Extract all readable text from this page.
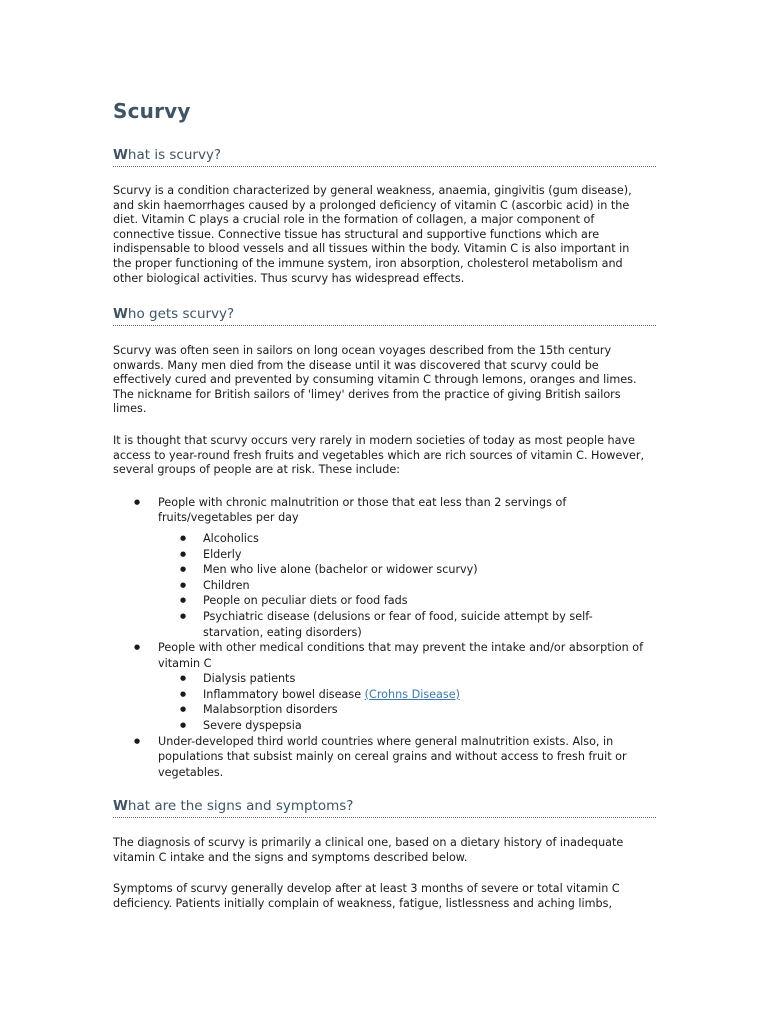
Scurvy
What is scurvy?

Scurvy is a condition characterized by general weakness, anaemia, gingivitis (gum disease), and skin haemorrhages caused by a prolonged deficiency of vitamin C (ascorbic acid) in the diet. Vitamin C plays a crucial role in the formation of collagen, a major component of connective tissue. Connective tissue has structural and supportive functions which are indispensable to blood vessels and all tissues within the body. Vitamin C is also important in the proper functioning of the immune system, iron absorption, cholesterol metabolism and other biological activities. Thus scurvy has widespread effects.

Who gets scurvy?

Scurvy was often seen in sailors on long ocean voyages described from the 15th century onwards. Many men died from the disease until it was discovered that scurvy could be effectively cured and prevented by consuming vitamin C through lemons, oranges and limes. The nickname for British sailors of 'limey' derives from the practice of giving British sailors limes.

It is thought that scurvy occurs very rarely in modern societies of today as most people have access to year-round fresh fruits and vegetables which are rich sources of vitamin C. However, several groups of people are at risk. These include:

● People with chronic malnutrition or those that eat less than 2 servings of fruits/vegetables per day
● Alcoholics
● Elderly
● Men who live alone (bachelor or widower scurvy)
● Children
● People on peculiar diets or food fads
● Psychiatric disease (delusions or fear of food, suicide attempt by self-starvation, eating disorders)
● People with other medical conditions that may prevent the intake and/or absorption of vitamin C
● Dialysis patients
● Inflammatory bowel disease (Crohns Disease)
● Malabsorption disorders
● Severe dyspepsia
● Under-developed third world countries where general malnutrition exists. Also, in populations that subsist mainly on cereal grains and without access to fresh fruit or vegetables.
What are the signs and symptoms?

The diagnosis of scurvy is primarily a clinical one, based on a dietary history of inadequate vitamin C intake and the signs and symptoms described below.

Symptoms of scurvy generally develop after at least 3 months of severe or total vitamin C deficiency. Patients initially complain of weakness, fatigue, listlessness and aching limbs,
